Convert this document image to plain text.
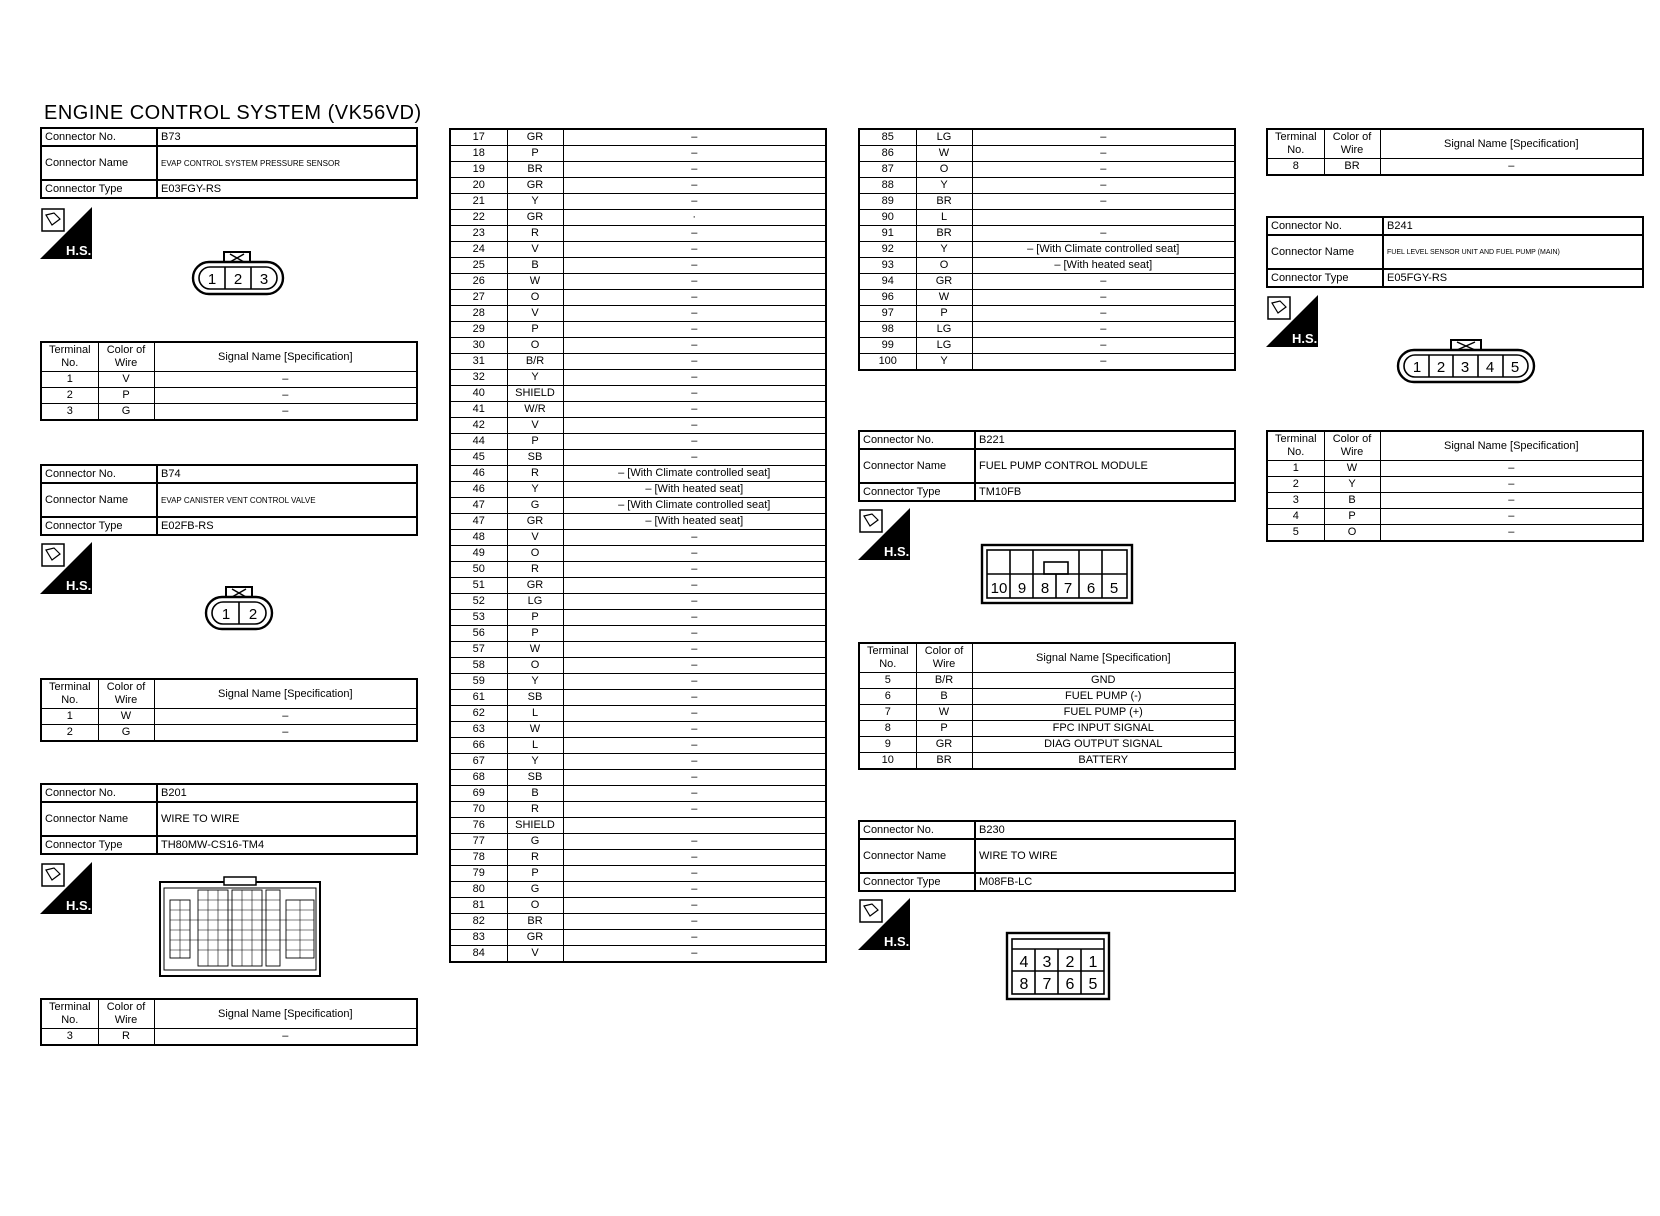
ENGINE CONTROL SYSTEM (VK56VD)
Connector No.	B73
Connector Name	EVAP CONTROL SYSTEM PRESSURE SENSOR
Connector Type	E03FGY-RS
H.S.
1 2 3
Terminal No.	Color of Wire	Signal Name [Specification]
1	V	–
2	P	–
3	G	–
Connector No.	B74
Connector Name	EVAP CANISTER VENT CONTROL VALVE
Connector Type	E02FB-RS
H.S.
1 2
Terminal No.	Color of Wire	Signal Name [Specification]
1	W	–
2	G	–
Connector No.	B201
Connector Name	WIRE TO WIRE
Connector Type	TH80MW-CS16-TM4
H.S.
Terminal No.	Color of Wire	Signal Name [Specification]
3	R	–
17	GR	–
18	P	–
19	BR	–
20	GR	–
21	Y	–
22	GR	·
23	R	–
24	V	–
25	B	–
26	W	–
27	O	–
28	V	–
29	P	–
30	O	–
31	B/R	–
32	Y	–
40	SHIELD	–
41	W/R	–
42	V	–
44	P	–
45	SB	–
46	R	– [With Climate controlled seat]
46	Y	– [With heated seat]
47	G	– [With Climate controlled seat]
47	GR	– [With heated seat]
48	V	–
49	O	–
50	R	–
51	GR	–
52	LG	–
53	P	–
56	P	–
57	W	–
58	O	–
59	Y	–
61	SB	–
62	L	–
63	W	–
66	L	–
67	Y	–
68	SB	–
69	B	–
70	R	–
76	SHIELD	
77	G	–
78	R	–
79	P	–
80	G	–
81	O	–
82	BR	–
83	GR	–
84	V	–
85	LG	–
86	W	–
87	O	–
88	Y	–
89	BR	–
90	L	
91	BR	–
92	Y	– [With Climate controlled seat]
93	O	– [With heated seat]
94	GR	–
96	W	–
97	P	–
98	LG	–
99	LG	–
100	Y	–
Connector No.	B221
Connector Name	FUEL PUMP CONTROL MODULE
Connector Type	TM10FB
H.S.
10 9 8 7 6 5
Terminal No.	Color of Wire	Signal Name [Specification]
5	B/R	GND
6	B	FUEL PUMP (-)
7	W	FUEL PUMP (+)
8	P	FPC INPUT SIGNAL
9	GR	DIAG OUTPUT SIGNAL
10	BR	BATTERY
Connector No.	B230
Connector Name	WIRE TO WIRE
Connector Type	M08FB-LC
H.S.
4 3 2 1
8 7 6 5
Terminal No.	Color of Wire	Signal Name [Specification]
8	BR	–
Connector No.	B241
Connector Name	FUEL LEVEL SENSOR UNIT AND FUEL PUMP (MAIN)
Connector Type	E05FGY-RS
H.S.
1 2 3 4 5
Terminal No.	Color of Wire	Signal Name [Specification]
1	W	–
2	Y	–
3	B	–
4	P	–
5	O	–
